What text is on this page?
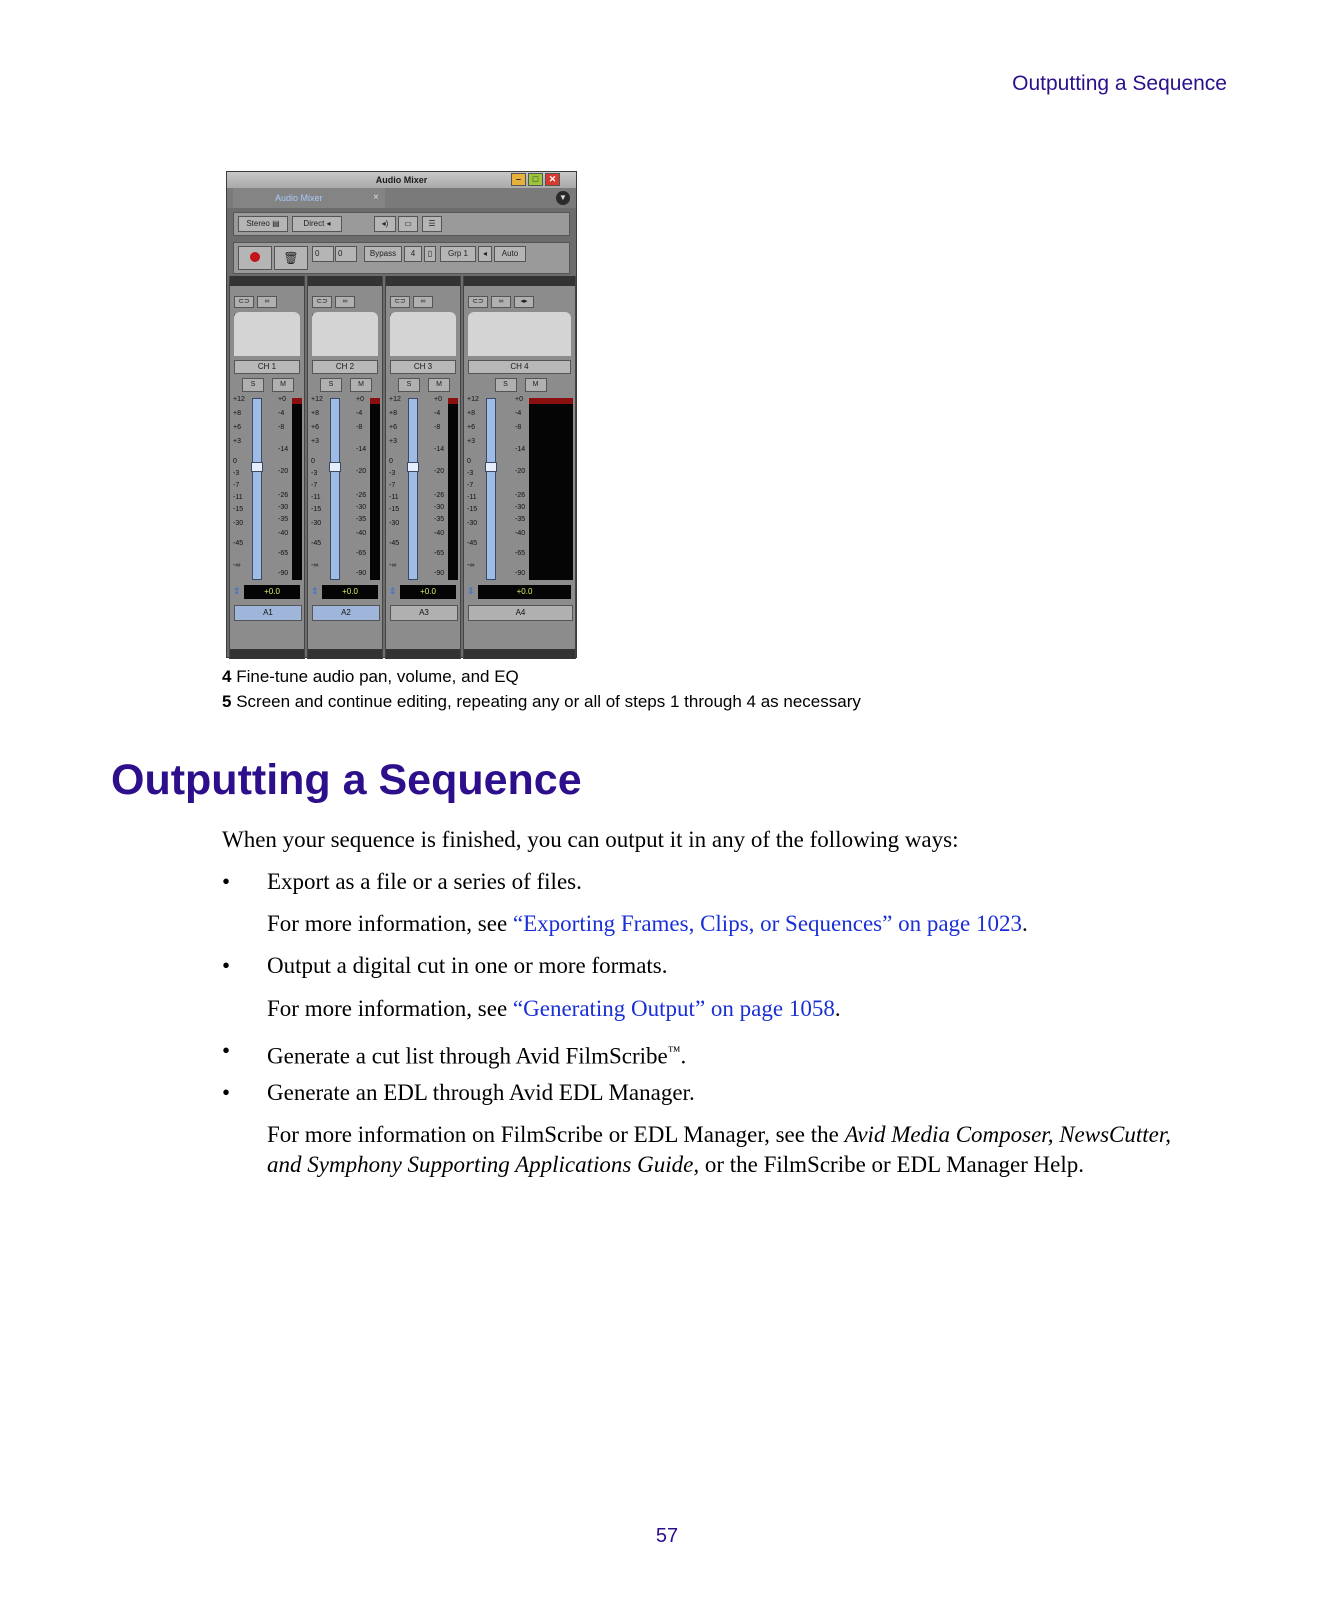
Outputting a Sequence
Audio Mixer	–	□	✕
Audio Mixer	×	▼
Stereo ▤	Direct ◂	◂)	▭	☰
🗑	0	0	Bypass	4	▯	Grp 1	◂	Auto
⊂⊃ ∞
CH 1
S	M
+12
+8
+6
+3
0
-3
-7
-11
-15
-30
-45
-∞
+0
-4
-8
-14
-20
-26
-30
-35
-40
-65
-90
⇕	+0.0
A1
⊂⊃ ∞
CH 2
S	M
+12
+8
+6
+3
0
-3
-7
-11
-15
-30
-45
-∞
+0
-4
-8
-14
-20
-26
-30
-35
-40
-65
-90
⇕	+0.0
A2
⊂⊃ ∞
CH 3
S	M
+12
+8
+6
+3
0
-3
-7
-11
-15
-30
-45
-∞
+0
-4
-8
-14
-20
-26
-30
-35
-40
-65
-90
⇕	+0.0
A3
⊂⊃ ∞ ◂▸
CH 4
S	M
+12
+8
+6
+3
0
-3
-7
-11
-15
-30
-45
-∞
+0
-4
-8
-14
-20
-26
-30
-35
-40
-65
-90
⇕	+0.0
A4
4 Fine-tune audio pan, volume, and EQ
5 Screen and continue editing, repeating any or all of steps 1 through 4 as necessary
Outputting a Sequence
When your sequence is finished, you can output it in any of the following ways:
• Export as a file or a series of files.
For more information, see “Exporting Frames, Clips, or Sequences” on page 1023.
• Output a digital cut in one or more formats.
For more information, see “Generating Output” on page 1058.
• Generate a cut list through Avid FilmScribe™.
• Generate an EDL through Avid EDL Manager.
For more information on FilmScribe or EDL Manager, see the Avid Media Composer, NewsCutter, and Symphony Supporting Applications Guide, or the FilmScribe or EDL Manager Help.
57
